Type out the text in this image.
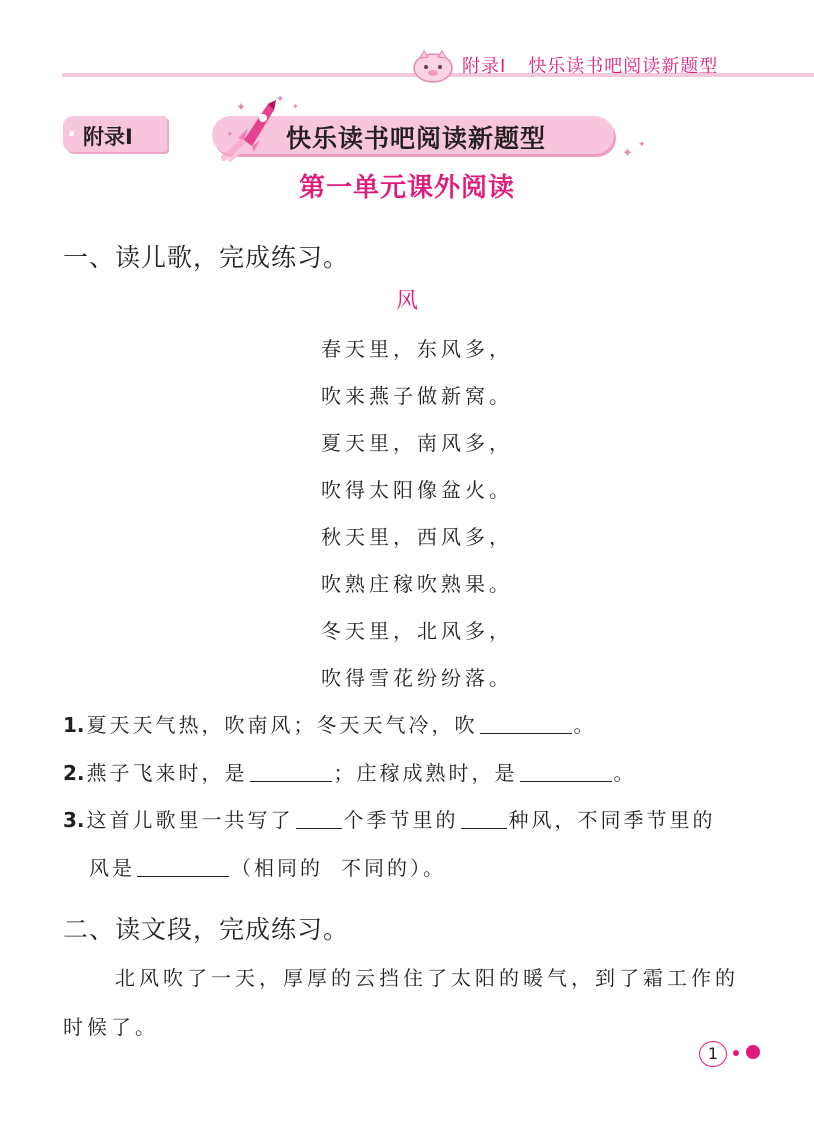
附录Ⅰ 快乐读书吧阅读新题型
附录Ⅰ	快乐读书吧阅读新题型
✦
✦
✦
✦
✦
✦
第一单元课外阅读
一、读儿歌，完成练习。
风
春天里，东风多，
吹来燕子做新窝。
夏天里，南风多，
吹得太阳像盆火。
秋天里，西风多，
吹熟庄稼吹熟果。
冬天里，北风多，
吹得雪花纷纷落。
1. 夏天天气热，吹南风；冬天天气冷，吹	。
2. 燕子飞来时，是	；庄稼成熟时，是	。
3. 这首儿歌里一共写了	个季节里的	种风，不同季节里的
风是	（相同的 不同的）。
二、读文段，完成练习。
北风吹了一天，厚厚的云挡住了太阳的暖气，到了霜工作的
时候了。
1
